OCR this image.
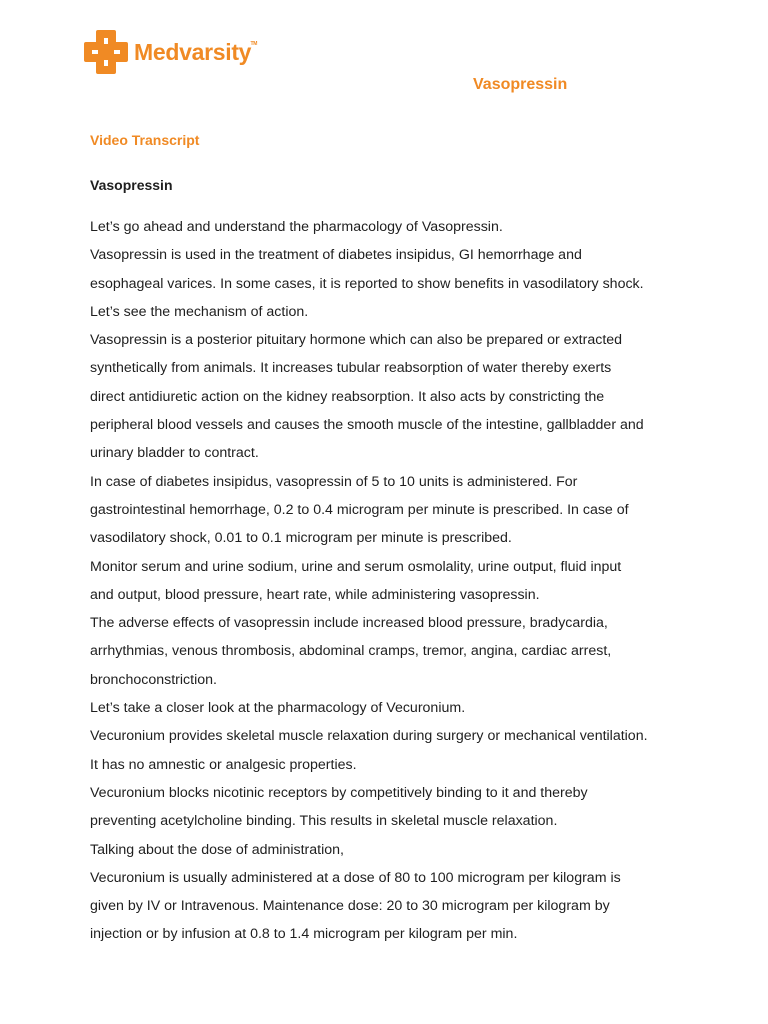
Medvarsity TM
Vasopressin
Video Transcript
Vasopressin
Let’s go ahead and understand the pharmacology of Vasopressin.
Vasopressin is used in the treatment of diabetes insipidus, GI hemorrhage and
esophageal varices. In some cases, it is reported to show benefits in vasodilatory shock.
Let’s see the mechanism of action.
Vasopressin is a posterior pituitary hormone which can also be prepared or extracted
synthetically from animals. It increases tubular reabsorption of water thereby exerts
direct antidiuretic action on the kidney reabsorption. It also acts by constricting the
peripheral blood vessels and causes the smooth muscle of the intestine, gallbladder and
urinary bladder to contract.
In case of diabetes insipidus, vasopressin of 5 to 10 units is administered. For
gastrointestinal hemorrhage, 0.2 to 0.4 microgram per minute is prescribed. In case of
vasodilatory shock, 0.01 to 0.1 microgram per minute is prescribed.
Monitor serum and urine sodium, urine and serum osmolality, urine output, fluid input
and output, blood pressure, heart rate, while administering vasopressin.
The adverse effects of vasopressin include increased blood pressure, bradycardia,
arrhythmias, venous thrombosis, abdominal cramps, tremor, angina, cardiac arrest,
bronchoconstriction.
Let’s take a closer look at the pharmacology of Vecuronium.
Vecuronium provides skeletal muscle relaxation during surgery or mechanical ventilation.
It has no amnestic or analgesic properties.
Vecuronium blocks nicotinic receptors by competitively binding to it and thereby
preventing acetylcholine binding. This results in skeletal muscle relaxation.
Talking about the dose of administration,
Vecuronium is usually administered at a dose of 80 to 100 microgram per kilogram is
given by IV or Intravenous. Maintenance dose: 20 to 30 microgram per kilogram by
injection or by infusion at 0.8 to 1.4 microgram per kilogram per min.
